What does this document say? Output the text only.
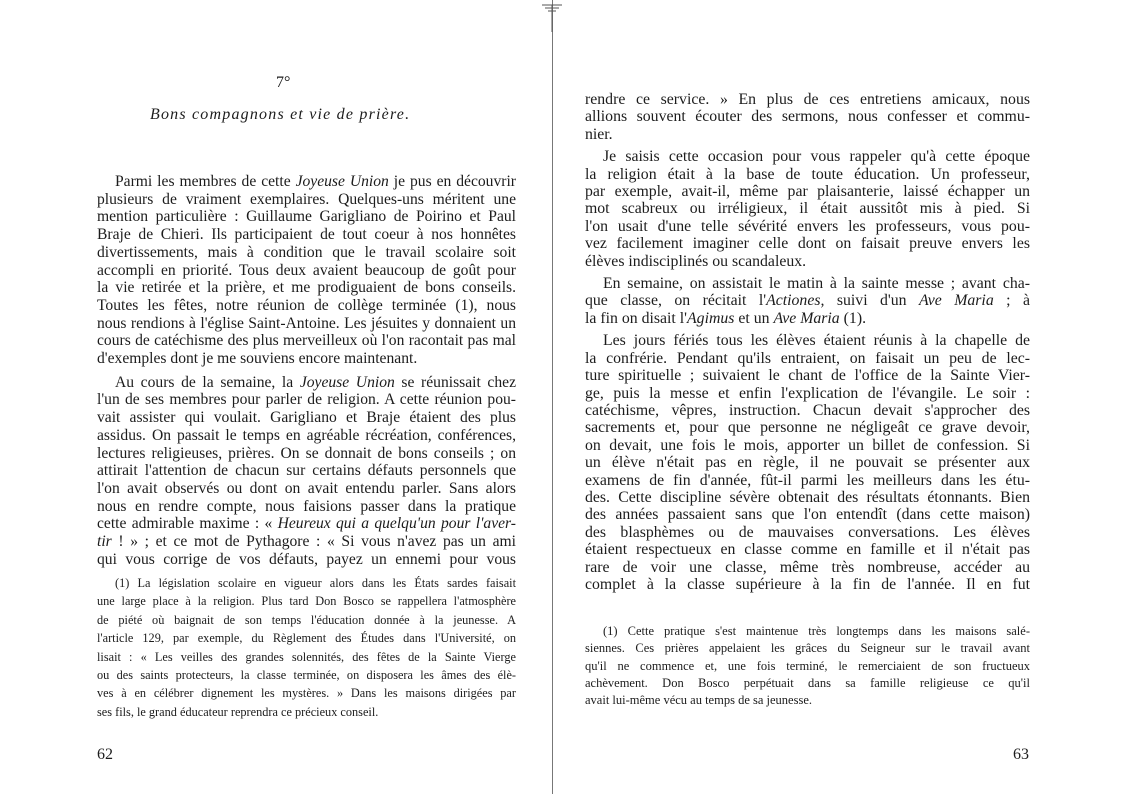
7°
Bons compagnons et vie de prière.
Parmi les membres de cette Joyeuse Union je pus en découvrir
plusieurs de vraiment exemplaires. Quelques-uns méritent une
mention particulière : Guillaume Garigliano de Poirino et Paul
Braje de Chieri. Ils participaient de tout coeur à nos honnêtes
divertissements, mais à condition que le travail scolaire soit
accompli en priorité. Tous deux avaient beaucoup de goût pour
la vie retirée et la prière, et me prodiguaient de bons conseils.
Toutes les fêtes, notre réunion de collège terminée (1), nous
nous rendions à l'église Saint-Antoine. Les jésuites y donnaient un
cours de catéchisme des plus merveilleux où l'on racontait pas mal
d'exemples dont je me souviens encore maintenant.
Au cours de la semaine, la Joyeuse Union se réunissait chez
l'un de ses membres pour parler de religion. A cette réunion pou-
vait assister qui voulait. Garigliano et Braje étaient des plus
assidus. On passait le temps en agréable récréation, conférences,
lectures religieuses, prières. On se donnait de bons conseils ; on
attirait l'attention de chacun sur certains défauts personnels que
l'on avait observés ou dont on avait entendu parler. Sans alors
nous en rendre compte, nous faisions passer dans la pratique
cette admirable maxime : « Heureux qui a quelqu'un pour l'aver-
tir ! » ; et ce mot de Pythagore : « Si vous n'avez pas un ami
qui vous corrige de vos défauts, payez un ennemi pour vous
(1) La législation scolaire en vigueur alors dans les États sardes faisait
une large place à la religion. Plus tard Don Bosco se rappellera l'atmosphère
de piété où baignait de son temps l'éducation donnée à la jeunesse. A
l'article 129, par exemple, du Règlement des Études dans l'Université, on
lisait : « Les veilles des grandes solennités, des fêtes de la Sainte Vierge
ou des saints protecteurs, la classe terminée, on disposera les âmes des élè-
ves à en célébrer dignement les mystères. » Dans les maisons dirigées par
ses fils, le grand éducateur reprendra ce précieux conseil.
62
rendre ce service. » En plus de ces entretiens amicaux, nous
allions souvent écouter des sermons, nous confesser et commu-
nier.
Je saisis cette occasion pour vous rappeler qu'à cette époque
la religion était à la base de toute éducation. Un professeur,
par exemple, avait-il, même par plaisanterie, laissé échapper un
mot scabreux ou irréligieux, il était aussitôt mis à pied. Si
l'on usait d'une telle sévérité envers les professeurs, vous pou-
vez facilement imaginer celle dont on faisait preuve envers les
élèves indisciplinés ou scandaleux.
En semaine, on assistait le matin à la sainte messe ; avant cha-
que classe, on récitait l'Actiones, suivi d'un Ave Maria ; à
la fin on disait l'Agimus et un Ave Maria (1).
Les jours fériés tous les élèves étaient réunis à la chapelle de
la confrérie. Pendant qu'ils entraient, on faisait un peu de lec-
ture spirituelle ; suivaient le chant de l'office de la Sainte Vier-
ge, puis la messe et enfin l'explication de l'évangile. Le soir :
catéchisme, vêpres, instruction. Chacun devait s'approcher des
sacrements et, pour que personne ne négligeât ce grave devoir,
on devait, une fois le mois, apporter un billet de confession. Si
un élève n'était pas en règle, il ne pouvait se présenter aux
examens de fin d'année, fût-il parmi les meilleurs dans les étu-
des. Cette discipline sévère obtenait des résultats étonnants. Bien
des années passaient sans que l'on entendît (dans cette maison)
des blasphèmes ou de mauvaises conversations. Les élèves
étaient respectueux en classe comme en famille et il n'était pas
rare de voir une classe, même très nombreuse, accéder au
complet à la classe supérieure à la fin de l'année. Il en fut
(1) Cette pratique s'est maintenue très longtemps dans les maisons salé-
siennes. Ces prières appelaient les grâces du Seigneur sur le travail avant
qu'il ne commence et, une fois terminé, le remerciaient de son fructueux
achèvement. Don Bosco perpétuait dans sa famille religieuse ce qu'il
avait lui-même vécu au temps de sa jeunesse.
63
